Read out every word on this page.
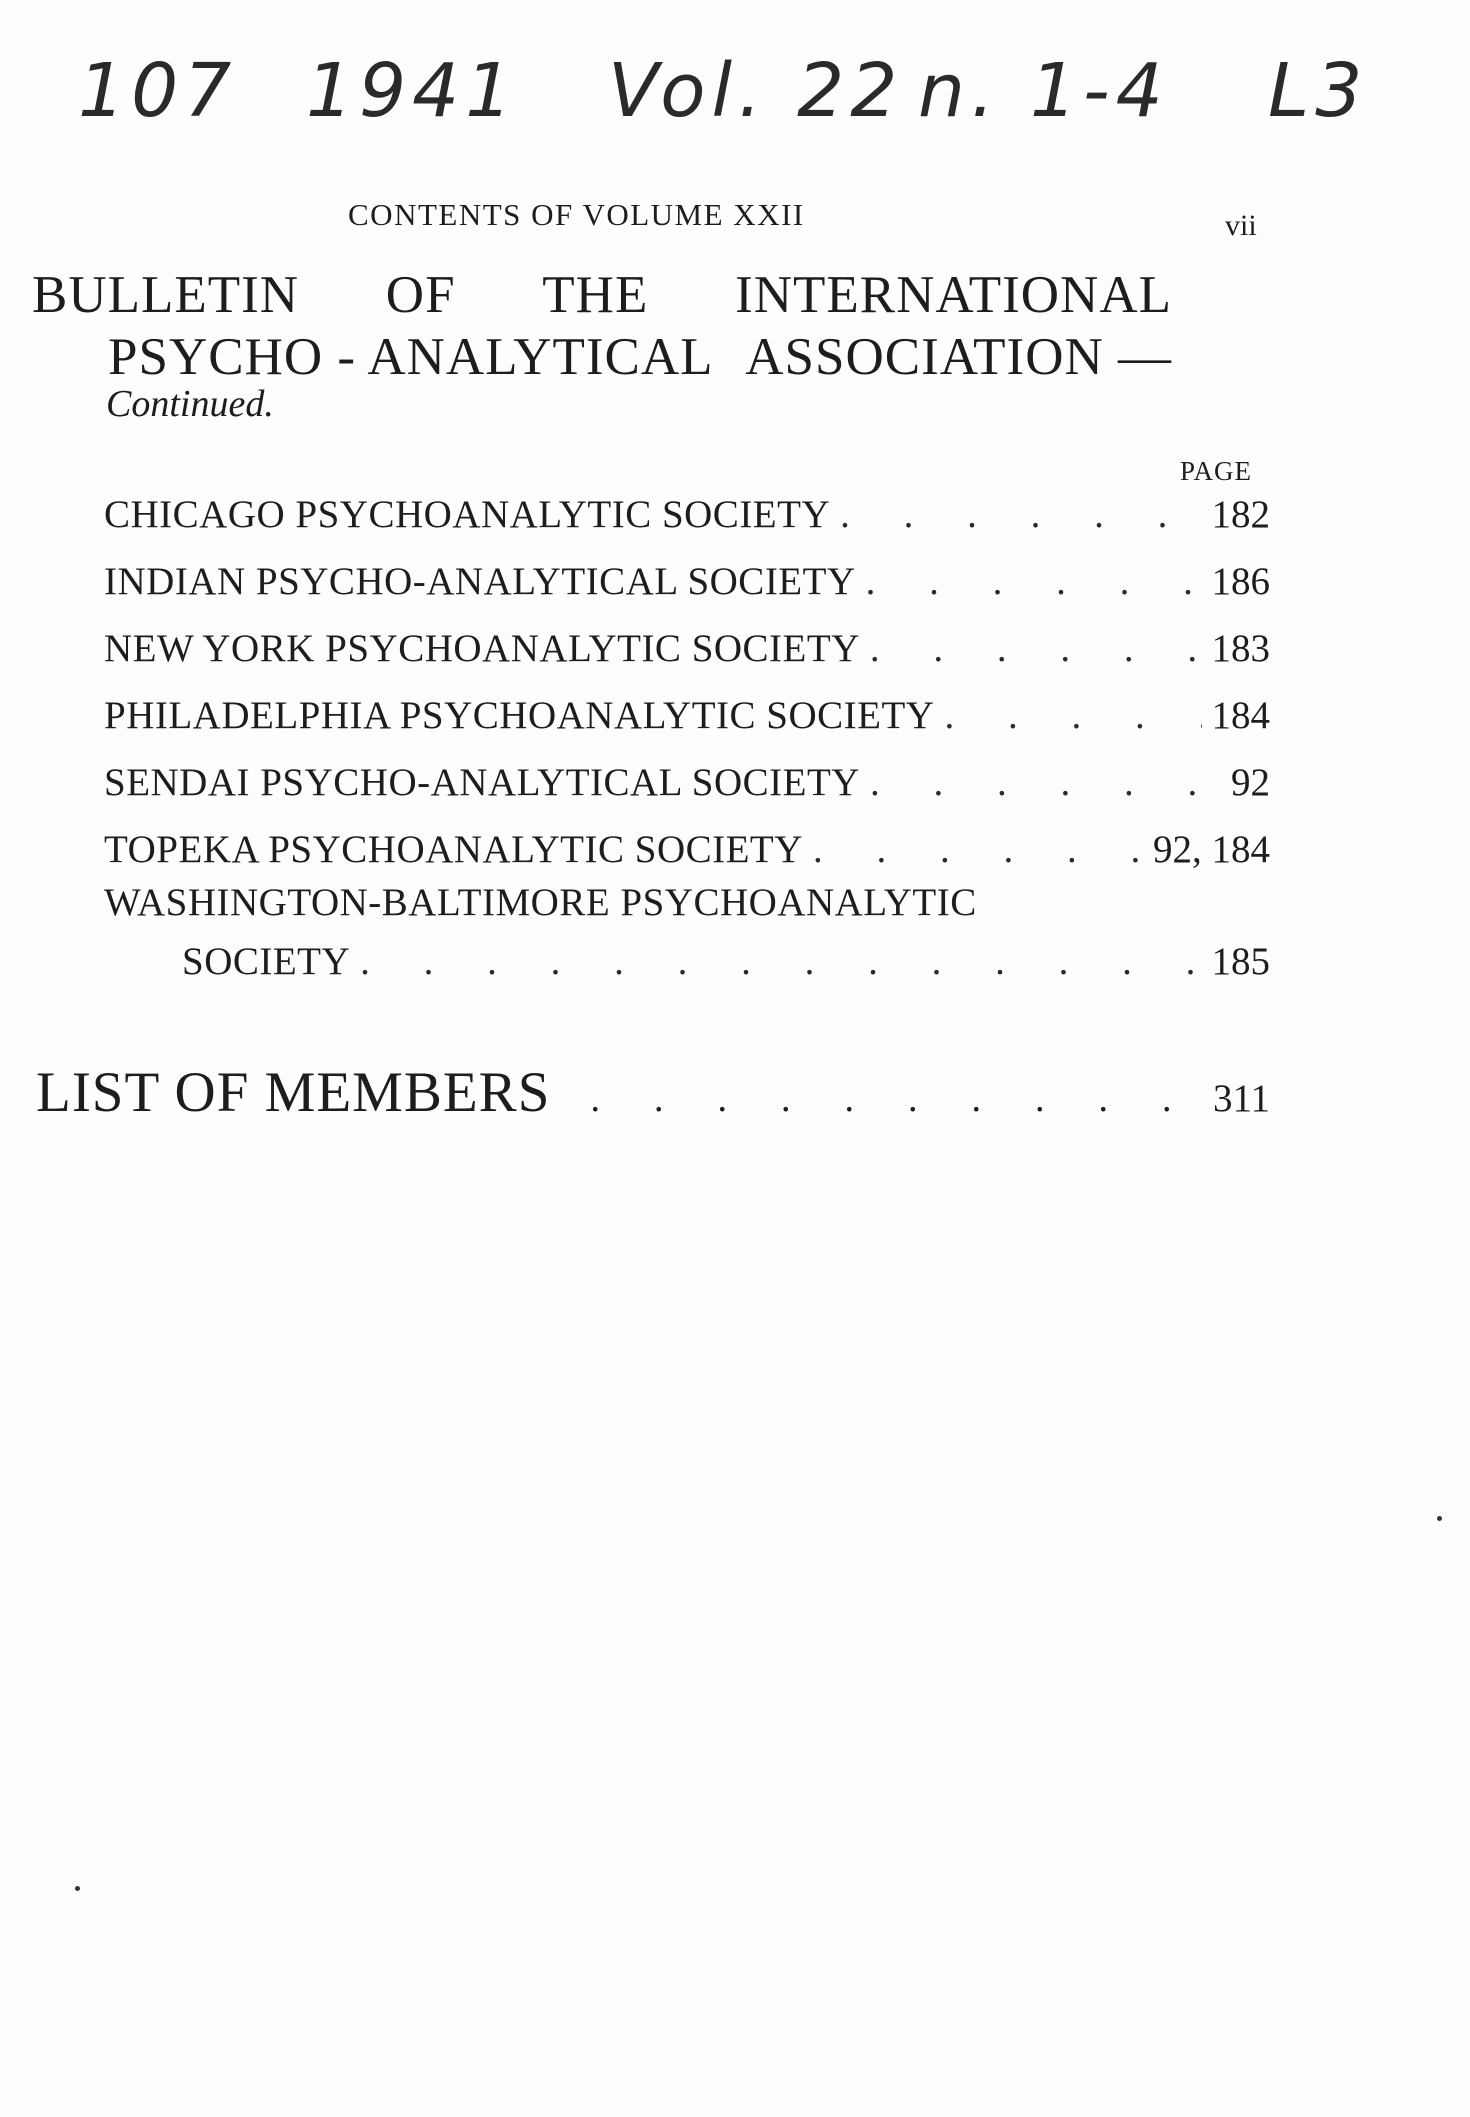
107 1941 Vol. 22 n. 1-4 L3
CONTENTS OF VOLUME XXII	vii
BULLETIN OF THE INTERNATIONAL
PSYCHO - ANALYTICAL ASSOCIATION —
Continued.
PAGE
CHICAGO PSYCHOANALYTIC SOCIETY . . .	182
INDIAN PSYCHO-ANALYTICAL SOCIETY . . .	186
NEW YORK PSYCHOANALYTIC SOCIETY . . .	183
PHILADELPHIA PSYCHOANALYTIC SOCIETY . . .	184
SENDAI PSYCHO-ANALYTICAL SOCIETY . . .	92
TOPEKA PSYCHOANALYTIC SOCIETY . . .	92, 184
WASHINGTON-BALTIMORE PSYCHOANALYTIC
SOCIETY . . .	185
LIST OF MEMBERS . . .	311
